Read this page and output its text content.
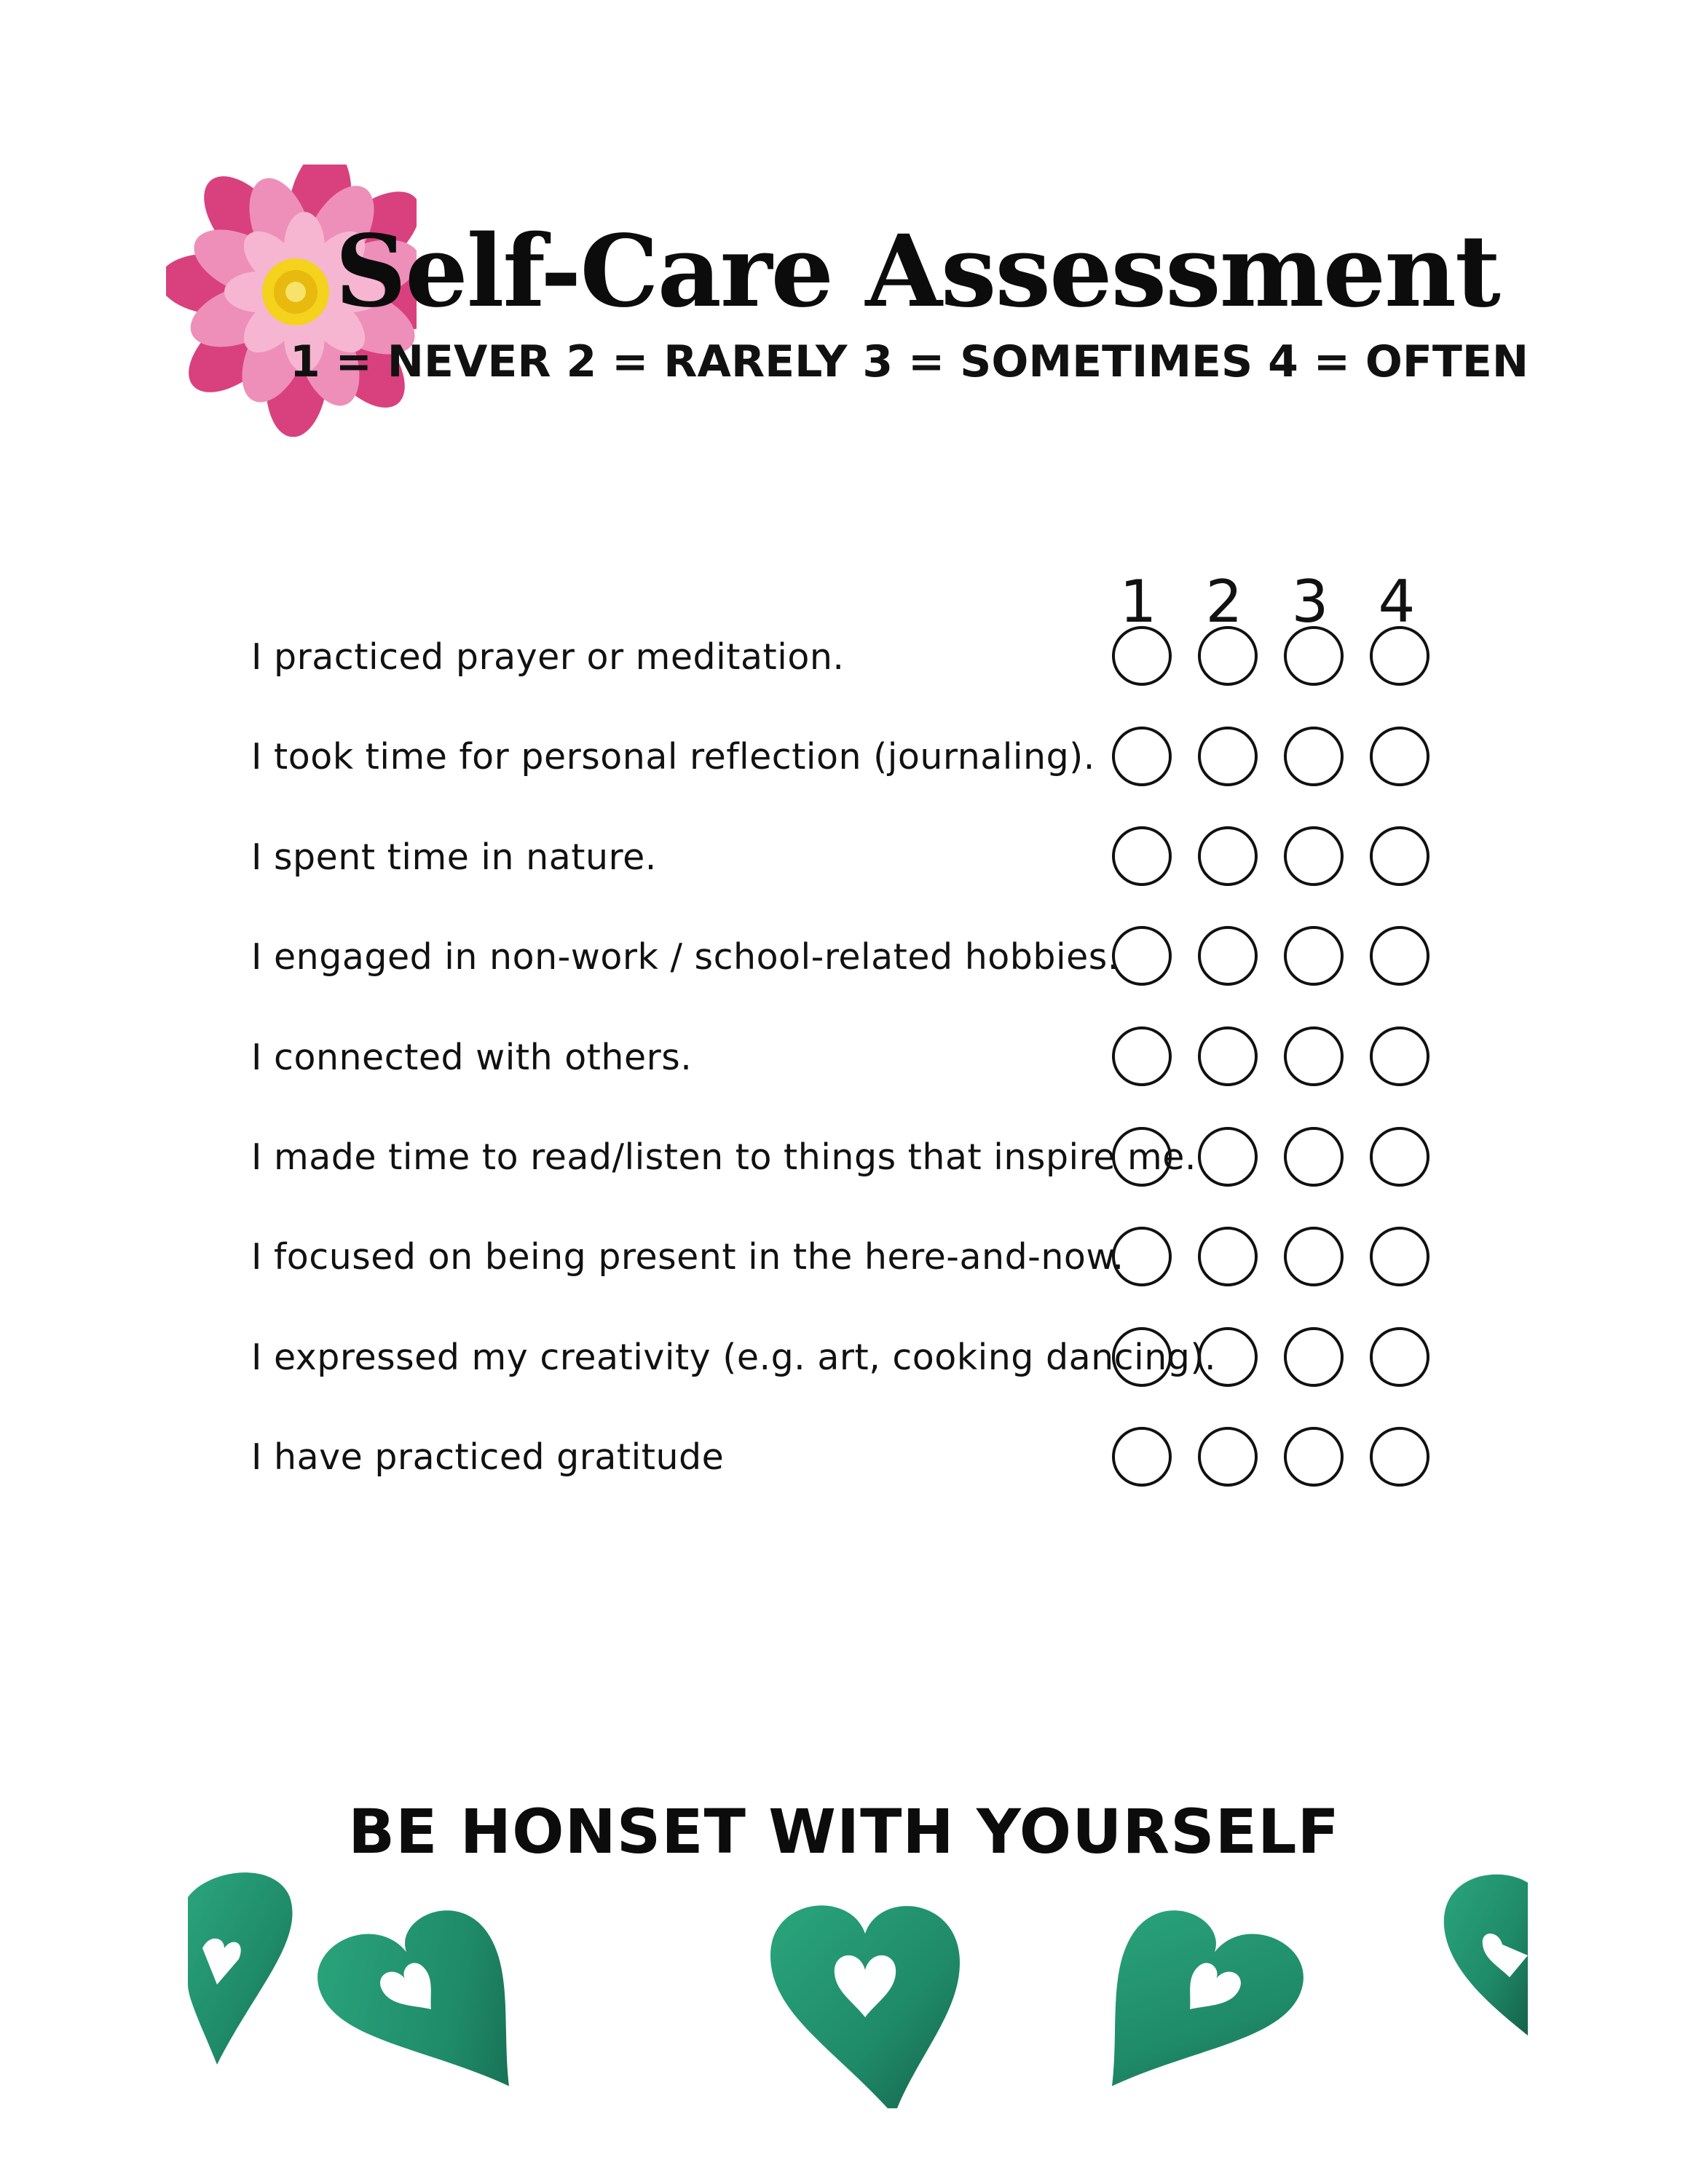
Self-Care Assessment
1 = NEVER 2 = RARELY 3 = SOMETIMES 4 = OFTEN
1 2 3 4
I practiced prayer or meditation.
I took time for personal reflection (journaling).
I spent time in nature.
I engaged in non-work / school-related hobbies.
I connected with others.
I made time to read/listen to things that inspire me.
I focused on being present in the here-and-now.
I expressed my creativity (e.g. art, cooking dancing).
I have practiced gratitude
BE HONSET WITH YOURSELF
